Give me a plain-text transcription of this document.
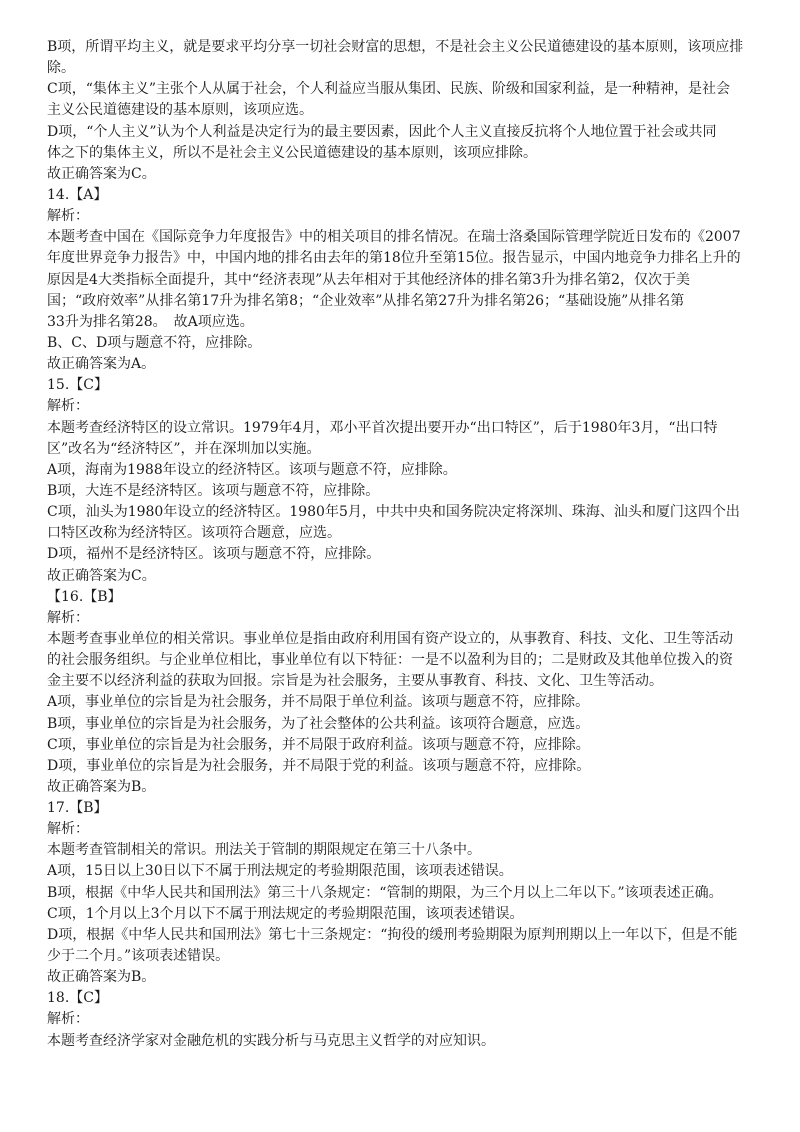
B项，所谓平均主义，就是要求平均分享一切社会财富的思想，不是社会主义公民道德建设的基本原则，该项应排
除。
C项，“集体主义”主张个人从属于社会，个人利益应当服从集团、民族、阶级和国家利益，是一种精神，是社会
主义公民道德建设的基本原则，该项应选。
D项，“个人主义”认为个人利益是决定行为的最主要因素，因此个人主义直接反抗将个人地位置于社会或共同
体之下的集体主义，所以不是社会主义公民道德建设的基本原则，该项应排除。
故正确答案为C。
14.【A】
解析：
本题考查中国在《国际竞争力年度报告》中的相关项目的排名情况。在瑞士洛桑国际管理学院近日发布的《2007
年度世界竞争力报告》中，中国内地的排名由去年的第18位升至第15位。报告显示，中国内地竞争力排名上升的
原因是4大类指标全面提升，其中“经济表现”从去年相对于其他经济体的排名第3升为排名第2，仅次于美
国；“政府效率”从排名第17升为排名第8；“企业效率”从排名第27升为排名第26；“基础设施”从排名第
33升为排名第28。　故A项应选。
B、C、D项与题意不符，应排除。
故正确答案为A。
15.【C】
解析：
本题考查经济特区的设立常识。1979年4月，邓小平首次提出要开办“出口特区”，后于1980年3月，“出口特
区”改名为“经济特区”，并在深圳加以实施。
A项，海南为1988年设立的经济特区。该项与题意不符，应排除。
B项，大连不是经济特区。该项与题意不符，应排除。
C项，汕头为1980年设立的经济特区。1980年5月，中共中央和国务院决定将深圳、珠海、汕头和厦门这四个出
口特区改称为经济特区。该项符合题意，应选。
D项，福州不是经济特区。该项与题意不符，应排除。
故正确答案为C。
【16.【B】
解析：
本题考查事业单位的相关常识。事业单位是指由政府利用国有资产设立的，从事教育、科技、文化、卫生等活动
的社会服务组织。与企业单位相比，事业单位有以下特征：一是不以盈利为目的；二是财政及其他单位拨入的资
金主要不以经济利益的获取为回报。宗旨是为社会服务，主要从事教育、科技、文化、卫生等活动。
A项，事业单位的宗旨是为社会服务，并不局限于单位利益。该项与题意不符，应排除。
B项，事业单位的宗旨是为社会服务，为了社会整体的公共利益。该项符合题意，应选。
C项，事业单位的宗旨是为社会服务，并不局限于政府利益。该项与题意不符，应排除。
D项，事业单位的宗旨是为社会服务，并不局限于党的利益。该项与题意不符，应排除。
故正确答案为B。
17.【B】
解析：
本题考查管制相关的常识。刑法关于管制的期限规定在第三十八条中。
A项，15日以上30日以下不属于刑法规定的考验期限范围，该项表述错误。
B项，根据《中华人民共和国刑法》第三十八条规定：“管制的期限，为三个月以上二年以下。”该项表述正确。
C项，1个月以上3个月以下不属于刑法规定的考验期限范围，该项表述错误。
D项，根据《中华人民共和国刑法》第七十三条规定：“拘役的缓刑考验期限为原判刑期以上一年以下，但是不能
少于二个月。”该项表述错误。
故正确答案为B。
18.【C】
解析：
本题考查经济学家对金融危机的实践分析与马克思主义哲学的对应知识。
